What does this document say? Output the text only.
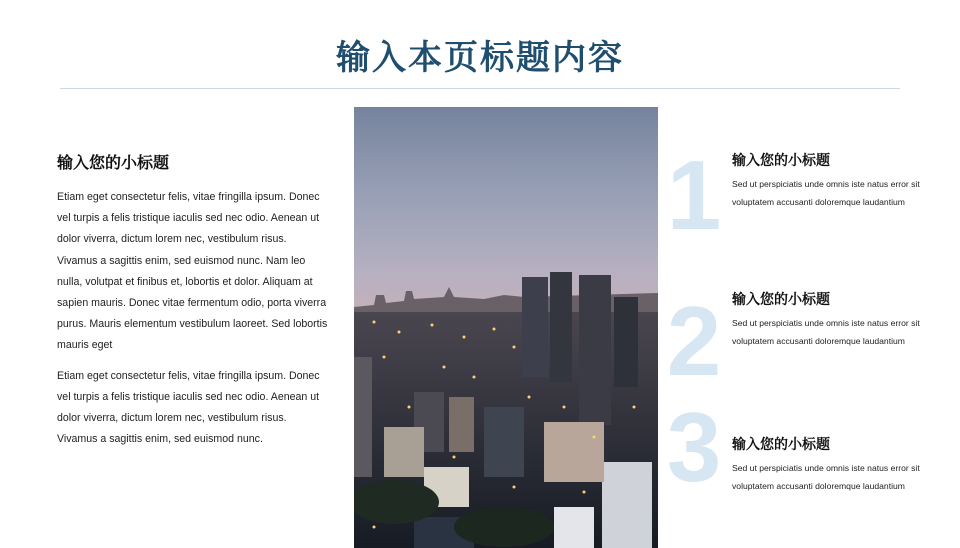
输入本页标题内容
输入您的小标题

Etiam eget consectetur felis, vitae fringilla ipsum. Donec vel turpis a felis tristique iaculis sed nec odio. Aenean ut dolor viverra, dictum lorem nec, vestibulum risus. Vivamus a sagittis enim, sed euismod nunc. Nam leo nulla, volutpat et finibus et, lobortis et dolor. Aliquam at sapien mauris. Donec vitae fermentum odio, porta viverra purus. Mauris elementum vestibulum laoreet. Sed lobortis mauris eget

Etiam eget consectetur felis, vitae fringilla ipsum. Donec vel turpis a felis tristique iaculis sed nec odio. Aenean ut dolor viverra, dictum lorem nec, vestibulum risus. Vivamus a sagittis enim, sed euismod nunc.

1
2
3
输入您的小标题

Sed ut perspiciatis unde omnis iste natus error sit voluptatem accusanti doloremque laudantium

输入您的小标题

Sed ut perspiciatis unde omnis iste natus error sit voluptatem accusanti doloremque laudantium

输入您的小标题

Sed ut perspiciatis unde omnis iste natus error sit voluptatem accusanti doloremque laudantium
